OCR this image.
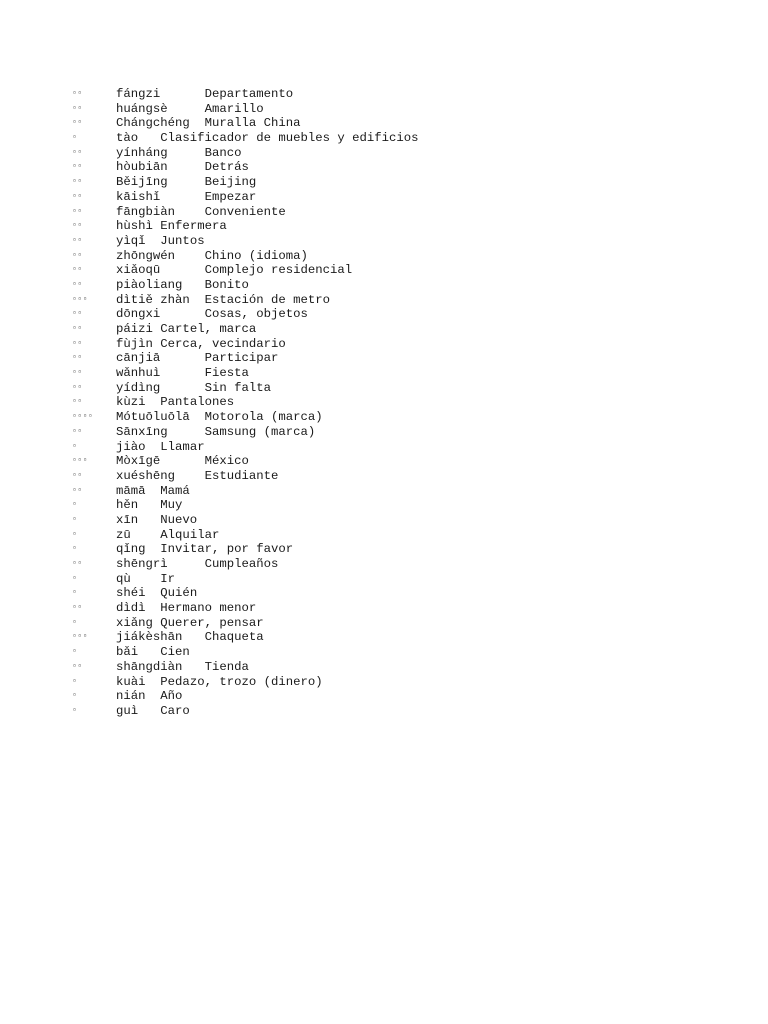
▫▫	fángzi	Departamento
▫▫	huángsè	Amarillo
▫▫	Chángchéng Muralla China
▫	tào Clasificador de muebles y edificios
▫▫	yínháng	Banco
▫▫	hòubiān	Detrás
▫▫	Běijīng	Beijing
▫▫	kāishǐ	Empezar
▫▫	fāngbiàn Conveniente
▫▫	hùshì Enfermera
▫▫	yìqǐ Juntos
▫▫	zhōngwén Chino (idioma)
▫▫	xiǎoqū	Complejo residencial
▫▫	piàoliang Bonito
▫▫▫ dìtiě zhàn Estación de metro
▫▫	dōngxi	Cosas, objetos
▫▫	páizi Cartel, marca
▫▫	fùjìn Cerca, vecindario
▫▫	cānjiā	Participar
▫▫	wǎnhuì	Fiesta
▫▫	yídìng	Sin falta
▫▫	kùzi Pantalones
▫▫▫▫ Mótuōluōlā Motorola (marca)
▫▫	Sānxīng	Samsung (marca)
▫	jiào Llamar
▫▫▫ Mòxīgē	México
▫▫	xuéshēng Estudiante
▫▫	māmā Mamá
▫	hěn Muy
▫	xīn Nuevo
▫	zū Alquilar
▫	qǐng Invitar, por favor
▫▫	shēngrì	Cumpleaños
▫	qù Ir
▫	shéi Quién
▫▫	dìdì Hermano menor
▫	xiǎng Querer, pensar
▫▫▫ jiákèshān Chaqueta
▫	bǎi Cien
▫▫	shāngdiàn Tienda
▫	kuài Pedazo, trozo (dinero)
▫	nián Año
▫	guì Caro
